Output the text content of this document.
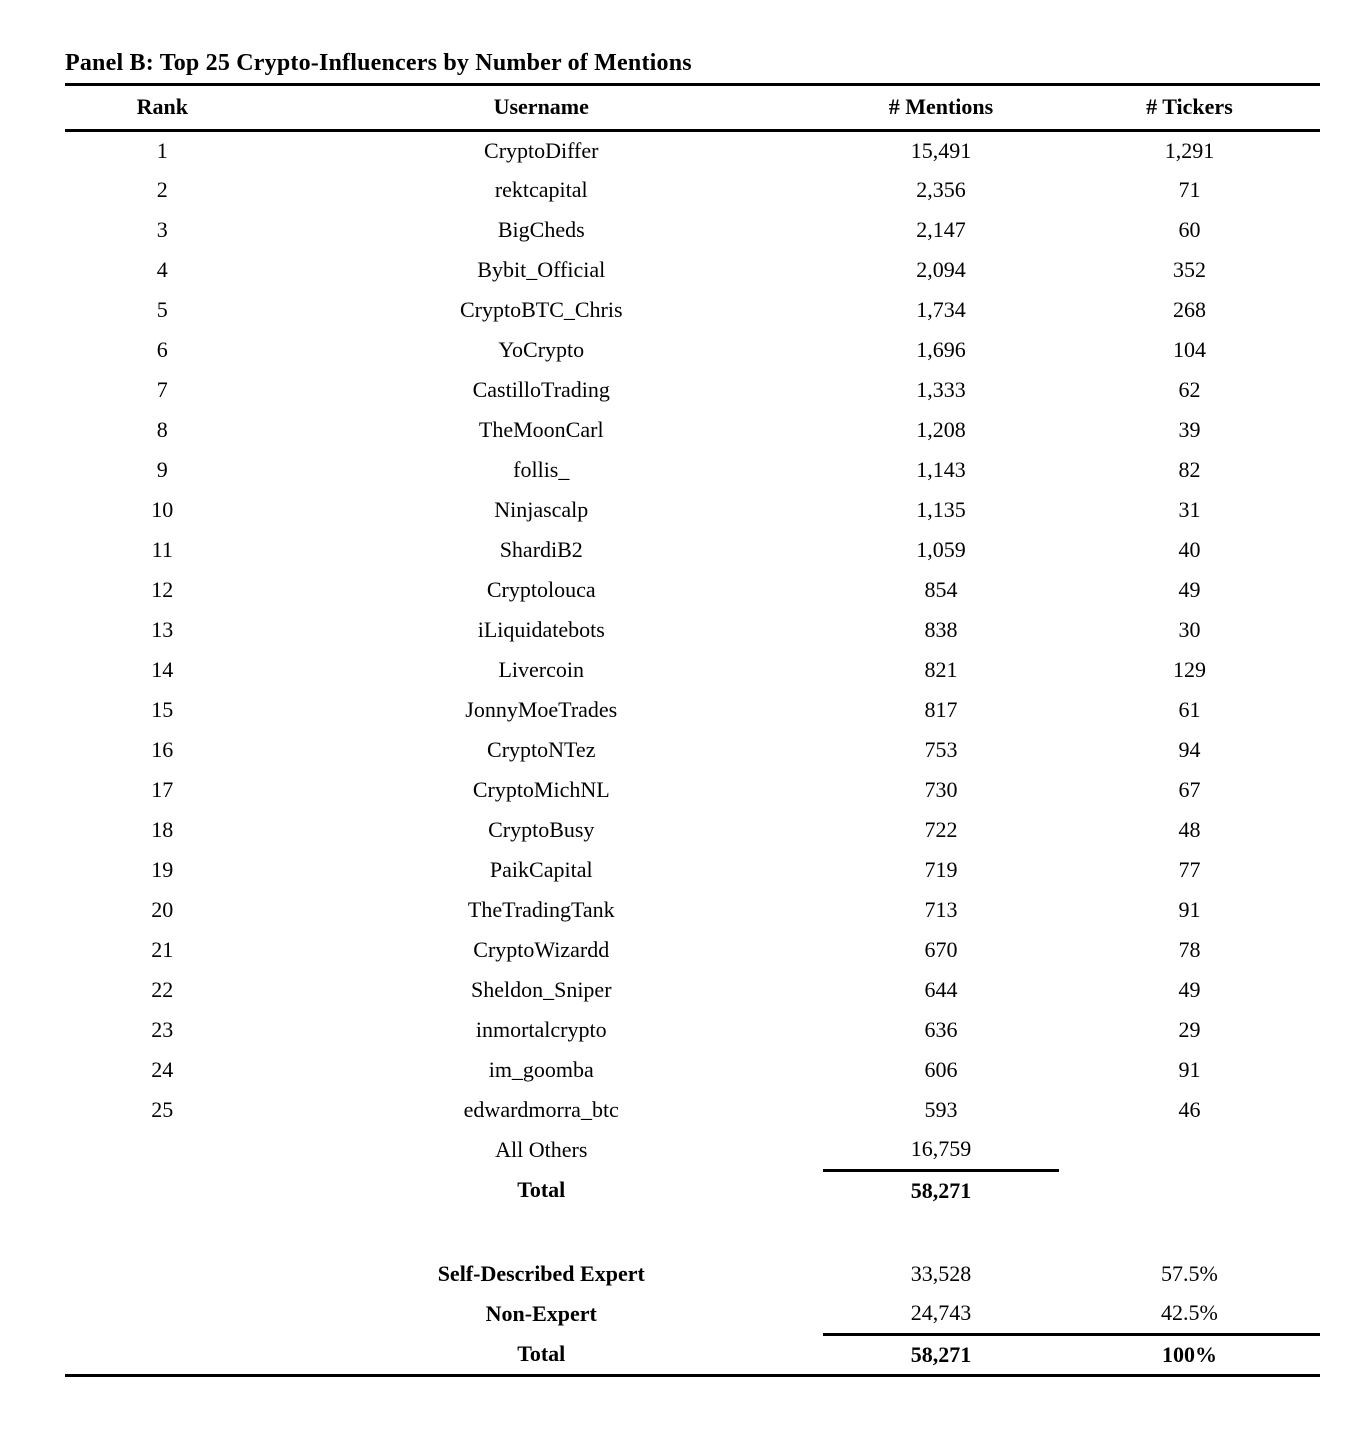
Panel B: Top 25 Crypto-Influencers by Number of Mentions
Rank	Username	# Mentions	# Tickers
1	CryptoDiffer	15,491	1,291
2	rektcapital	2,356	71
3	BigCheds	2,147	60
4	Bybit_Official	2,094	352
5	CryptoBTC_Chris	1,734	268
6	YoCrypto	1,696	104
7	CastilloTrading	1,333	62
8	TheMoonCarl	1,208	39
9	follis_	1,143	82
10	Ninjascalp	1,135	31
11	ShardiB2	1,059	40
12	Cryptolouca	854	49
13	iLiquidatebots	838	30
14	Livercoin	821	129
15	JonnyMoeTrades	817	61
16	CryptoNTez	753	94
17	CryptoMichNL	730	67
18	CryptoBusy	722	48
19	PaikCapital	719	77
20	TheTradingTank	713	91
21	CryptoWizardd	670	78
22	Sheldon_Sniper	644	49
23	inmortalcrypto	636	29
24	im_goomba	606	91
25	edwardmorra_btc	593	46
	All Others	16,759	
	Total	58,271	

	Self-Described Expert	33,528	57.5%
	Non-Expert	24,743	42.5%
	Total	58,271	100%
